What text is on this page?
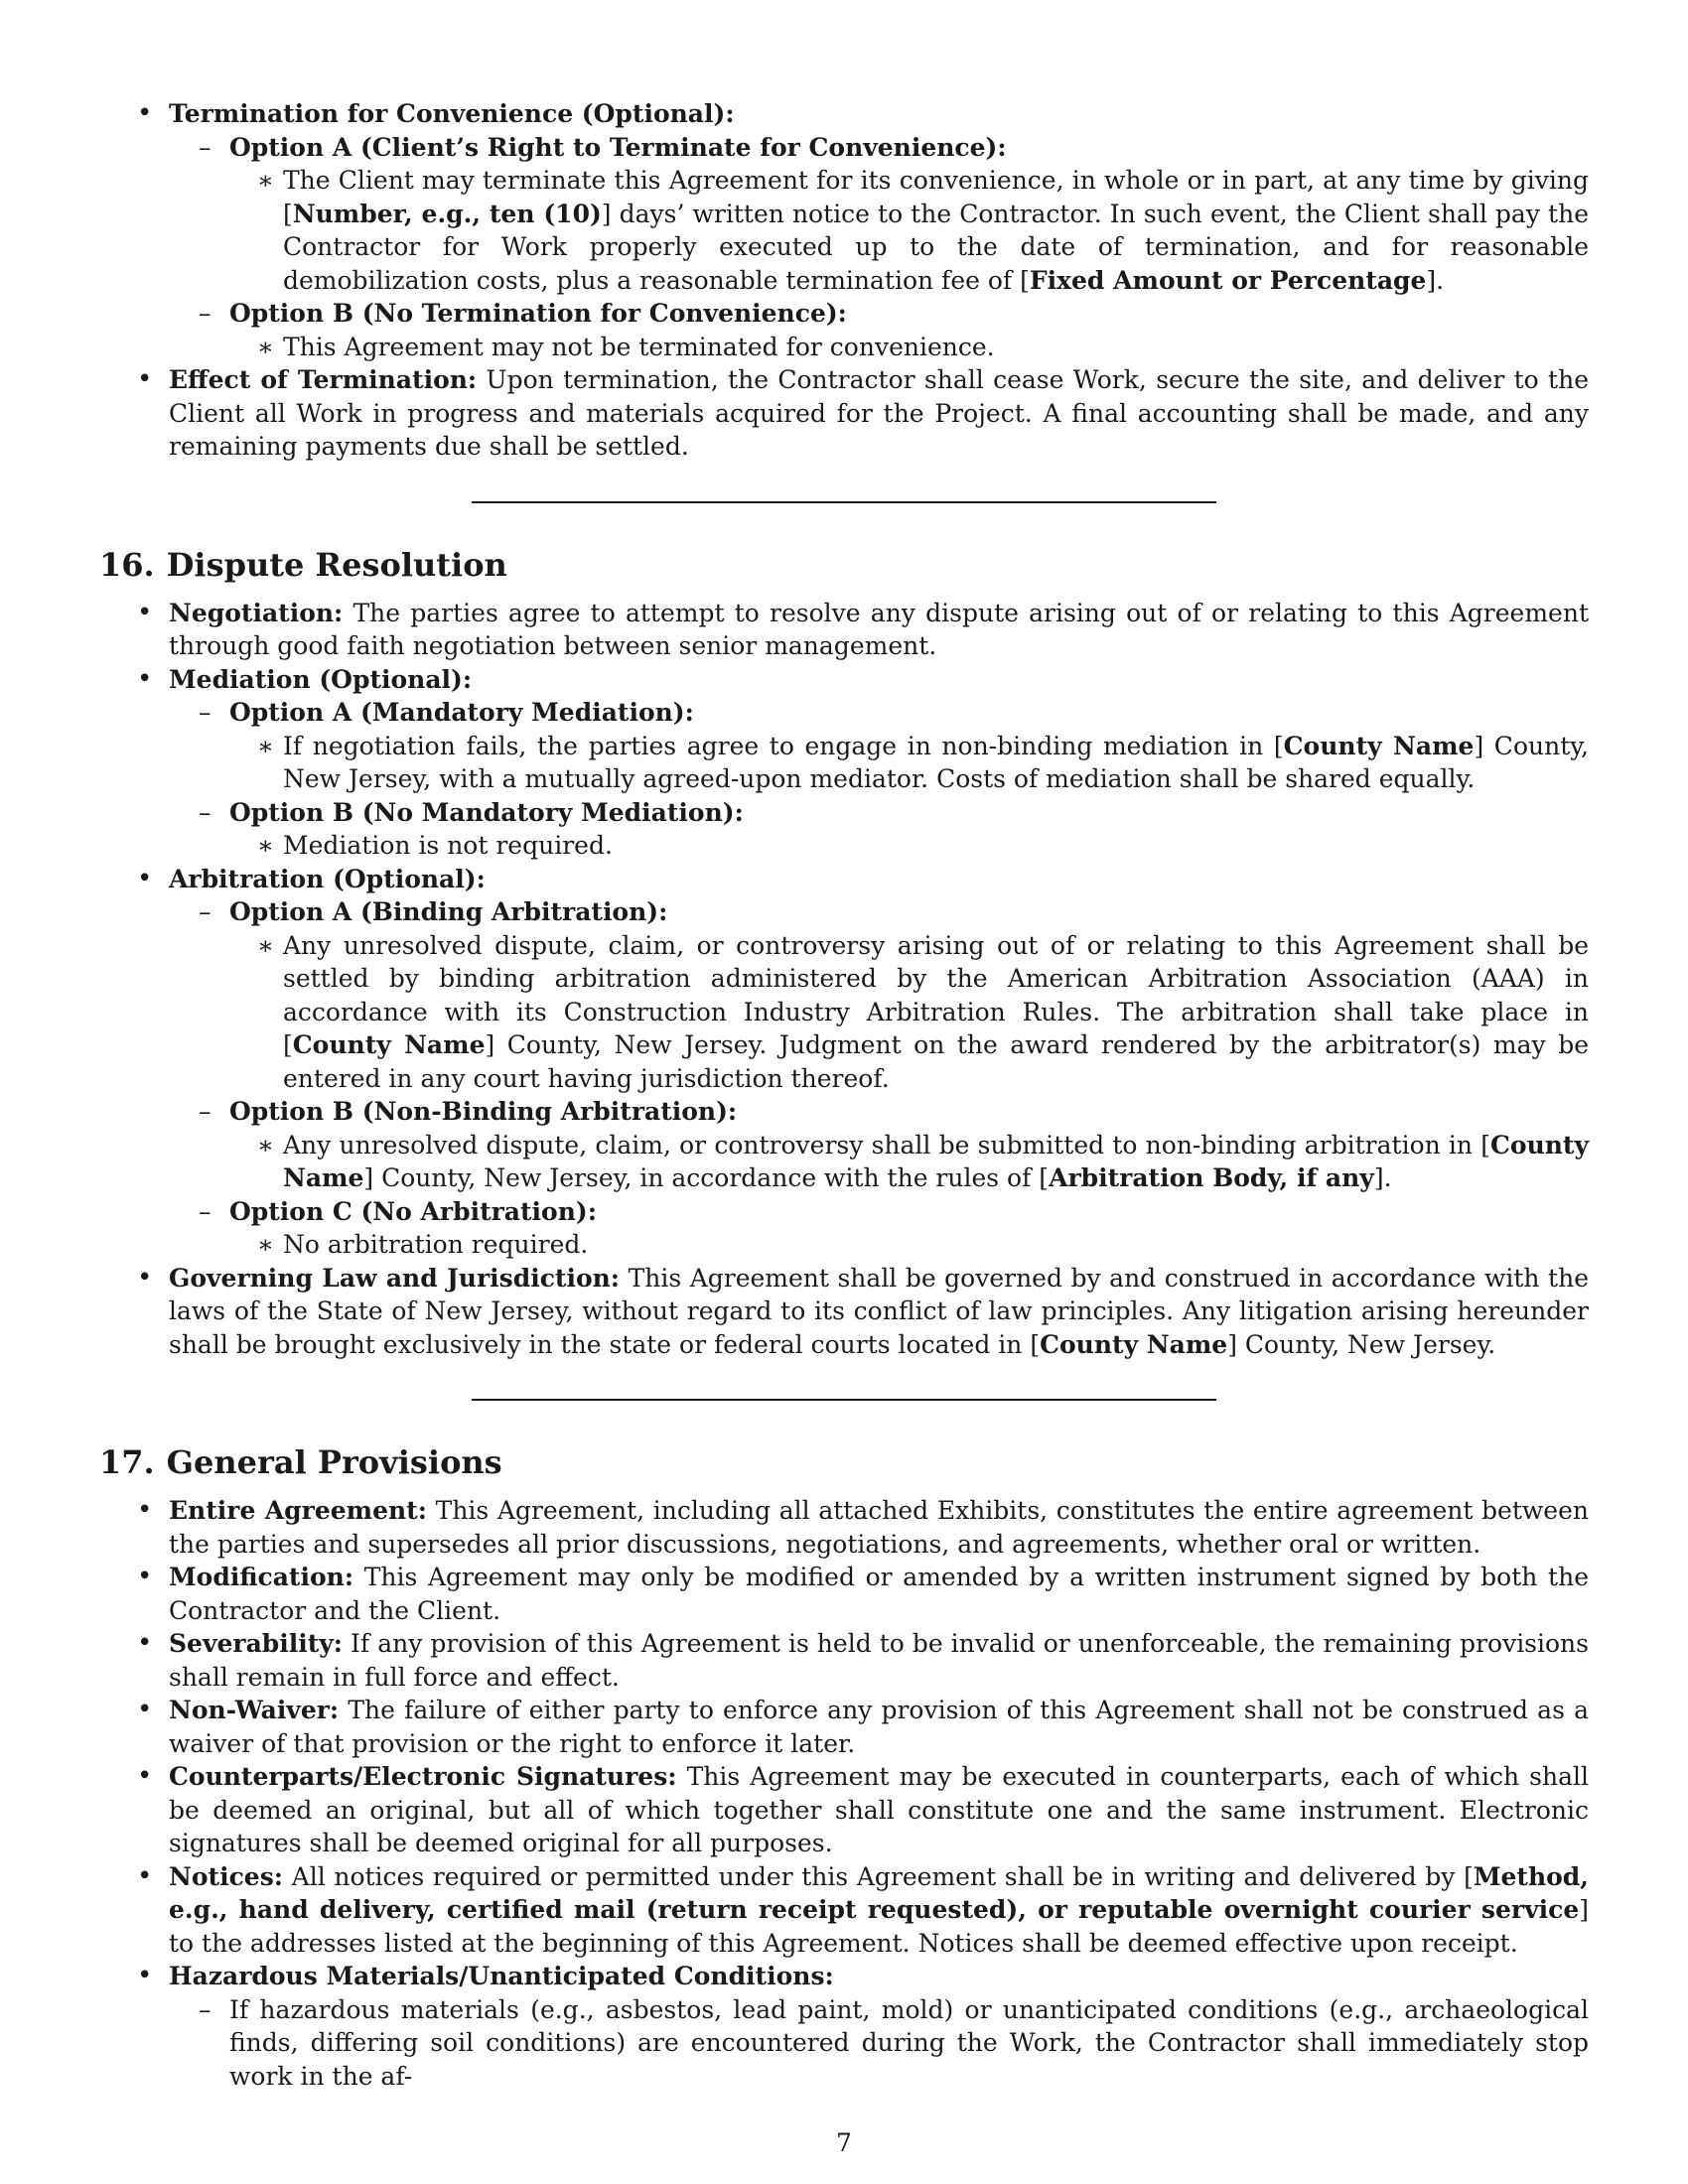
• Termination for Convenience (Optional):
– Option A (Client’s Right to Terminate for Convenience):
∗ The Client may terminate this Agreement for its convenience, in whole or in part, at any time by giving [Number, e.g., ten (10)] days’ written notice to the Contractor. In such event, the Client shall pay the Contractor for Work properly executed up to the date of termination, and for reasonable demobilization costs, plus a reasonable termination fee of [Fixed Amount or Percentage].
– Option B (No Termination for Convenience):
∗ This Agreement may not be terminated for convenience.
• Effect of Termination: Upon termination, the Contractor shall cease Work, secure the site, and deliver to the Client all Work in progress and materials acquired for the Project. A final accounting shall be made, and any remaining payments due shall be settled.
16. Dispute Resolution
• Negotiation: The parties agree to attempt to resolve any dispute arising out of or relating to this Agreement through good faith negotiation between senior management.
• Mediation (Optional):
– Option A (Mandatory Mediation):
∗ If negotiation fails, the parties agree to engage in non-binding mediation in [County Name] County, New Jersey, with a mutually agreed-upon mediator. Costs of mediation shall be shared equally.
– Option B (No Mandatory Mediation):
∗ Mediation is not required.
• Arbitration (Optional):
– Option A (Binding Arbitration):
∗ Any unresolved dispute, claim, or controversy arising out of or relating to this Agreement shall be settled by binding arbitration administered by the American Arbitration Association (AAA) in accordance with its Construction Industry Arbitration Rules. The arbitration shall take place in [County Name] County, New Jersey. Judgment on the award rendered by the arbitrator(s) may be entered in any court having jurisdiction thereof.
– Option B (Non-Binding Arbitration):
∗ Any unresolved dispute, claim, or controversy shall be submitted to non-binding arbitration in [County Name] County, New Jersey, in accordance with the rules of [Arbitration Body, if any].
– Option C (No Arbitration):
∗ No arbitration required.
• Governing Law and Jurisdiction: This Agreement shall be governed by and construed in accordance with the laws of the State of New Jersey, without regard to its conflict of law principles. Any litigation arising hereunder shall be brought exclusively in the state or federal courts located in [County Name] County, New Jersey.
17. General Provisions
• Entire Agreement: This Agreement, including all attached Exhibits, constitutes the entire agreement between the parties and supersedes all prior discussions, negotiations, and agreements, whether oral or written.
• Modification: This Agreement may only be modified or amended by a written instrument signed by both the Contractor and the Client.
• Severability: If any provision of this Agreement is held to be invalid or unenforceable, the remaining provisions shall remain in full force and effect.
• Non-Waiver: The failure of either party to enforce any provision of this Agreement shall not be construed as a waiver of that provision or the right to enforce it later.
• Counterparts/Electronic Signatures: This Agreement may be executed in counterparts, each of which shall be deemed an original, but all of which together shall constitute one and the same instrument. Electronic signatures shall be deemed original for all purposes.
• Notices: All notices required or permitted under this Agreement shall be in writing and delivered by [Method, e.g., hand delivery, certified mail (return receipt requested), or reputable overnight courier service] to the addresses listed at the beginning of this Agreement. Notices shall be deemed effective upon receipt.
• Hazardous Materials/Unanticipated Conditions:
– If hazardous materials (e.g., asbestos, lead paint, mold) or unanticipated conditions (e.g., archaeological finds, differing soil conditions) are encountered during the Work, the Contractor shall immediately stop work in the af-
7
